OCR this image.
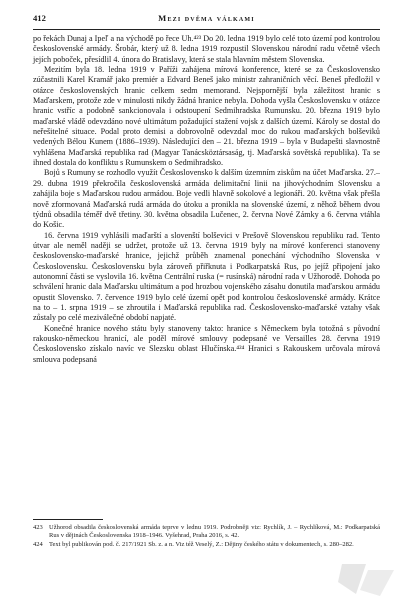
412	Mezi dvěma válkami

po řekách Dunaj a Ipeľ a na východě po řece Uh.⁴²³ Do 20. ledna 1919 bylo celé toto území pod kontrolou československé armády. Šrobár, který už 8. ledna 1919 rozpustil Slovenskou národní radu včetně všech jejích poboček, přesídlil 4. února do Bratislavy, která se stala hlavním městem Slovenska.

Mezitím byla 18. ledna 1919 v Paříži zahájena mírová konference, které se za Československo zúčastnili Karel Kramář jako premiér a Edvard Beneš jako ministr zahraničních věcí. Beneš předložil v otázce československých hranic celkem sedm memorand. Nejspornější byla záležitost hranic s Maďarskem, protože zde v minulosti nikdy žádná hranice nebyla. Dohoda vyšla Československu v otázce hranic vstříc a podobně sankcionovala i odstoupení Sedmihradska Rumunsku. 20. března 1919 bylo maďarské vládě odevzdáno nové ultimátum požadující stažení vojsk z dalších území. Károly se dostal do neřešitelné situace. Podal proto demisi a dobrovolně odevzdal moc do rukou maďarských bolševiků vedených Bélou Kunem (1886–1939). Následující den – 21. března 1919 – byla v Budapešti slavnostně vyhlášena Maďarská republika rad (Magyar Tanácsköztársaság, tj. Maďarská sovětská republika). Ta se ihned dostala do konfliktu s Rumunskem o Sedmihradsko.

Bojů s Rumuny se rozhodlo využít Československo k dalším územním ziskům na účet Maďarska. 27.–29. dubna 1919 překročila československá armáda delimitační linii na jihovýchodním Slovensku a zahájila boje s Maďarskou rudou armádou. Boje vedli hlavně sokolové a legionáři. 20. května však přešla nově zformovaná Maďarská rudá armáda do útoku a pronikla na slovenské území, z něhož během dvou týdnů obsadila téměř dvě třetiny. 30. května obsadila Lučenec, 2. června Nové Zámky a 6. června vtáhla do Košic.

16. června 1919 vyhlásili maďarští a slovenští bolševici v Prešově Slovenskou republiku rad. Tento útvar ale neměl naději se udržet, protože už 13. června 1919 byly na mírové konferenci stanoveny československo-maďarské hranice, jejichž průběh znamenal ponechání východního Slovenska v Československu. Československu byla zároveň přiřknuta i Podkarpatská Rus, po jejíž připojení jako autonomní části se vyslovila 16. května Centrální ruska (= rusínská) národní rada v Užhorodě. Dohoda po schválení hranic dala Maďarsku ultimátum a pod hrozbou vojenského zásahu donutila maďarskou armádu opustit Slovensko. 7. července 1919 bylo celé území opět pod kontrolou československé armády. Krátce na to – 1. srpna 1919 – se zhroutila i Maďarská republika rad. Československo-maďarské vztahy však zůstaly po celé meziválečné období napjaté.

Konečné hranice nového státu byly stanoveny takto: hranice s Německem byla totožná s původní rakousko-německou hranicí, ale poděl mírové smlouvy podepsané ve Versailles 28. června 1919 Československo získalo navíc ve Slezsku oblast Hlučínska.⁴²⁴ Hranici s Rakouskem určovala mírová smlouva podepsaná

423 Užhorod obsadila československá armáda teprve v lednu 1919. Podrobněji viz: Rychlík, J. – Rychlíková, M.: Podkarpatská Rus v dějinách Československa 1918–1946. Vyšehrad, Praha 2016, s. 42.

424 Text byl publikován pod. č. 217/1921 Sb. z. a n. Viz též Veselý, Z.: Dějiny českého státu v dokumentech, s. 280–282.
